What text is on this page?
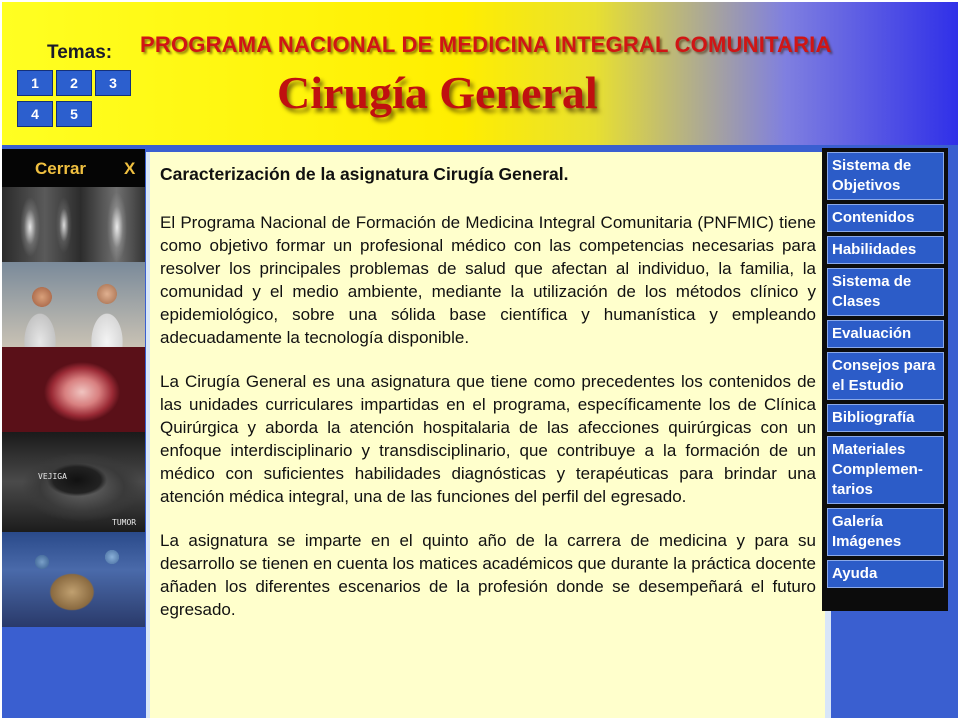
Temas:
1	2	3
4	5
PROGRAMA NACIONAL DE MEDICINA INTEGRAL COMUNITARIA
Cirugía General
Cerrar X
VEJIGA
TUMOR
Caracterización de la asignatura Cirugía General.

El Programa Nacional de Formación de Medicina Integral Comunitaria (PNFMIC) tiene como objetivo formar un profesional médico con las competencias necesarias para resolver los principales problemas de salud que afectan al individuo, la familia, la comunidad y el medio ambiente, mediante la utilización de los métodos clínico y epidemiológico, sobre una sólida base científica y humanística y empleando adecuadamente la tecnología disponible.

La Cirugía General es una asignatura que tiene como precedentes los contenidos de las unidades curriculares impartidas en el programa, específicamente los de Clínica Quirúrgica y aborda la atención hospitalaria de las afecciones quirúrgicas con un enfoque interdisciplinario y transdisciplinario, que contribuye a la formación de un médico con suficientes habilidades diagnósticas y terapéuticas para brindar una atención médica integral, una de las funciones del perfil del egresado.

La asignatura se imparte en el quinto año de la carrera de medicina y para su desarrollo se tienen en cuenta los matices académicos que durante la práctica docente añaden los diferentes escenarios de la profesión donde se desempeñará el futuro egresado.

Sistema de Objetivos
Contenidos
Habilidades
Sistema de Clases
Evaluación
Consejos para el Estudio
Bibliografía
Materiales Complemen-tarios
Galería Imágenes
Ayuda
